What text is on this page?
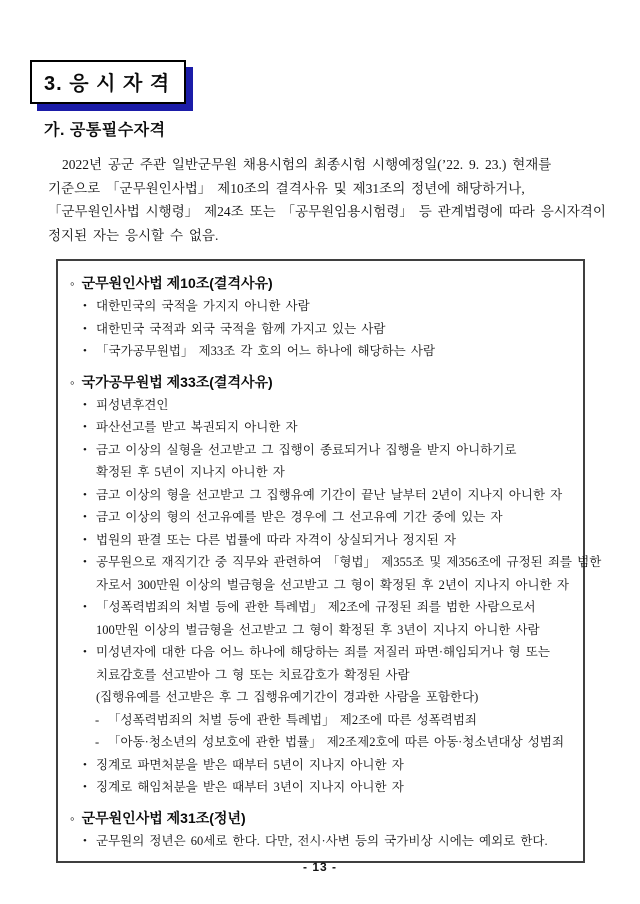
3. 응 시 자 격
가. 공통필수자격
2022년 공군 주관 일반군무원 채용시험의 최종시험 시행예정일(’22. 9. 23.) 현재를
기준으로 「군무원인사법」 제10조의 결격사유 및 제31조의 정년에 해당하거나,
「군무원인사법 시행령」 제24조 또는 「공무원임용시험령」 등 관계법령에 따라 응시자격이
정지된 자는 응시할 수 없음.
◦ 군무원인사법 제10조(결격사유)
• 대한민국의 국적을 가지지 아니한 사람
• 대한민국 국적과 외국 국적을 함께 가지고 있는 사람
• 「국가공무원법」 제33조 각 호의 어느 하나에 해당하는 사람
◦ 국가공무원법 제33조(결격사유)
• 피성년후견인
• 파산선고를 받고 복권되지 아니한 자
• 금고 이상의 실형을 선고받고 그 집행이 종료되거나 집행을 받지 아니하기로
확정된 후 5년이 지나지 아니한 자
• 금고 이상의 형을 선고받고 그 집행유예 기간이 끝난 날부터 2년이 지나지 아니한 자
• 금고 이상의 형의 선고유예를 받은 경우에 그 선고유예 기간 중에 있는 자
• 법원의 판결 또는 다른 법률에 따라 자격이 상실되거나 정지된 자
• 공무원으로 재직기간 중 직무와 관련하여 「형법」 제355조 및 제356조에 규정된 죄를 범한
자로서 300만원 이상의 벌금형을 선고받고 그 형이 확정된 후 2년이 지나지 아니한 자
• 「성폭력범죄의 처벌 등에 관한 특례법」 제2조에 규정된 죄를 범한 사람으로서
100만원 이상의 벌금형을 선고받고 그 형이 확정된 후 3년이 지나지 아니한 사람
• 미성년자에 대한 다음 어느 하나에 해당하는 죄를 저질러 파면·해임되거나 형 또는
치료감호를 선고받아 그 형 또는 치료감호가 확정된 사람
(집행유예를 선고받은 후 그 집행유예기간이 경과한 사람을 포함한다)
- 「성폭력범죄의 처벌 등에 관한 특례법」 제2조에 따른 성폭력범죄
- 「아동·청소년의 성보호에 관한 법률」 제2조제2호에 따른 아동·청소년대상 성범죄
• 징계로 파면처분을 받은 때부터 5년이 지나지 아니한 자
• 징계로 해임처분을 받은 때부터 3년이 지나지 아니한 자
◦ 군무원인사법 제31조(정년)
• 군무원의 정년은 60세로 한다. 다만, 전시·사변 등의 국가비상 시에는 예외로 한다.
- 13 -
